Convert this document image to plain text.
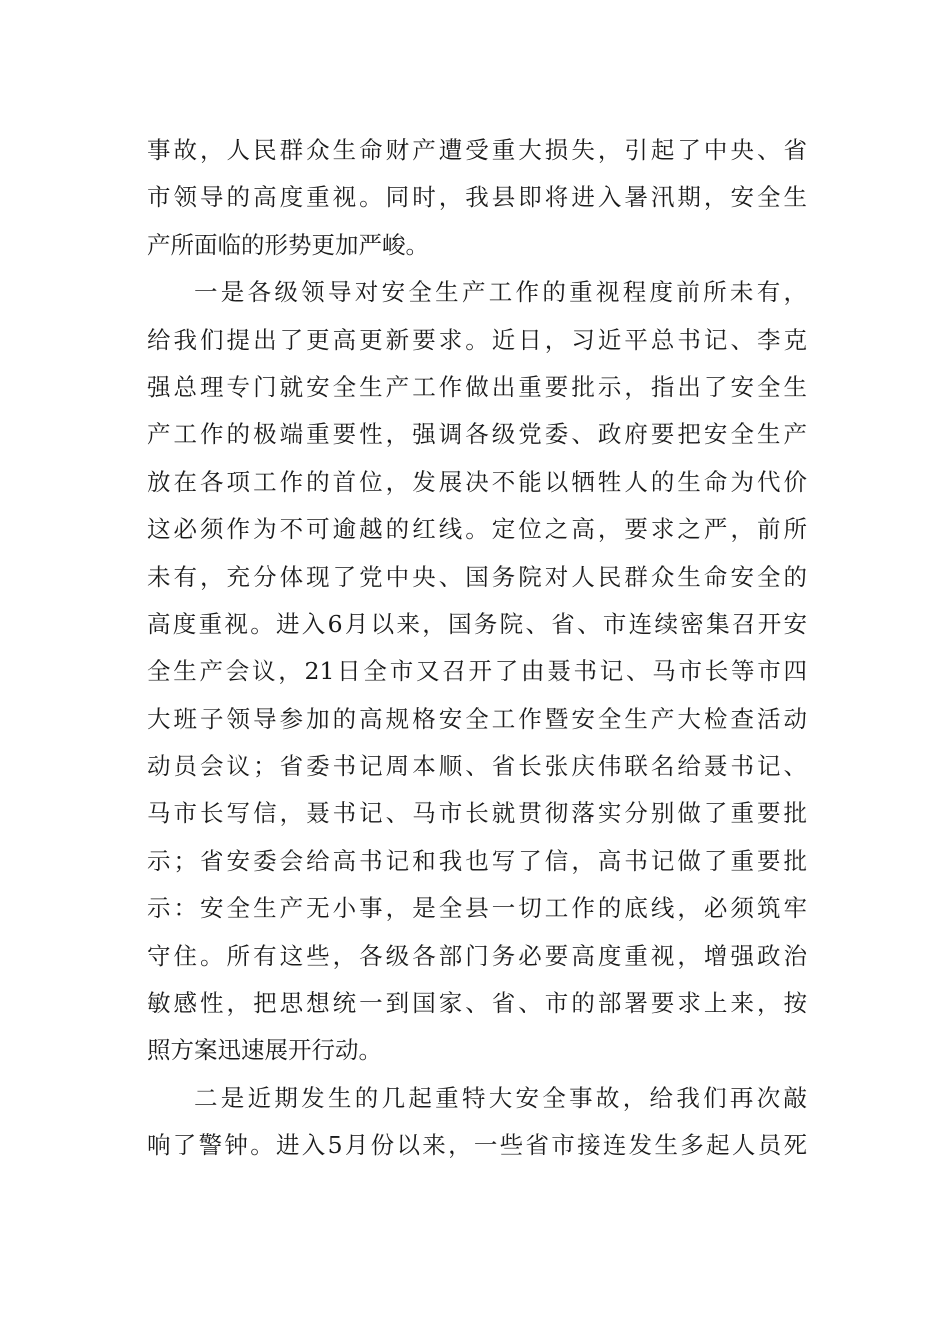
事故，人民群众生命财产遭受重大损失，引起了中央、省
市领导的高度重视。同时，我县即将进入暑汛期，安全生
产所面临的形势更加严峻。
一是各级领导对安全生产工作的重视程度前所未有，
给我们提出了更高更新要求。近日，习近平总书记、李克
强总理专门就安全生产工作做出重要批示，指出了安全生
产工作的极端重要性，强调各级党委、政府要把安全生产
放在各项工作的首位，发展决不能以牺牲人的生命为代价
这必须作为不可逾越的红线。定位之高，要求之严，前所
未有，充分体现了党中央、国务院对人民群众生命安全的
高度重视。进入6月以来，国务院、省、市连续密集召开安
全生产会议，21日全市又召开了由聂书记、马市长等市四
大班子领导参加的高规格安全工作暨安全生产大检查活动
动员会议；省委书记周本顺、省长张庆伟联名给聂书记、
马市长写信，聂书记、马市长就贯彻落实分别做了重要批
示；省安委会给高书记和我也写了信，高书记做了重要批
示：安全生产无小事，是全县一切工作的底线，必须筑牢
守住。所有这些，各级各部门务必要高度重视，增强政治
敏感性，把思想统一到国家、省、市的部署要求上来，按
照方案迅速展开行动。
二是近期发生的几起重特大安全事故，给我们再次敲
响了警钟。进入5月份以来，一些省市接连发生多起人员死
